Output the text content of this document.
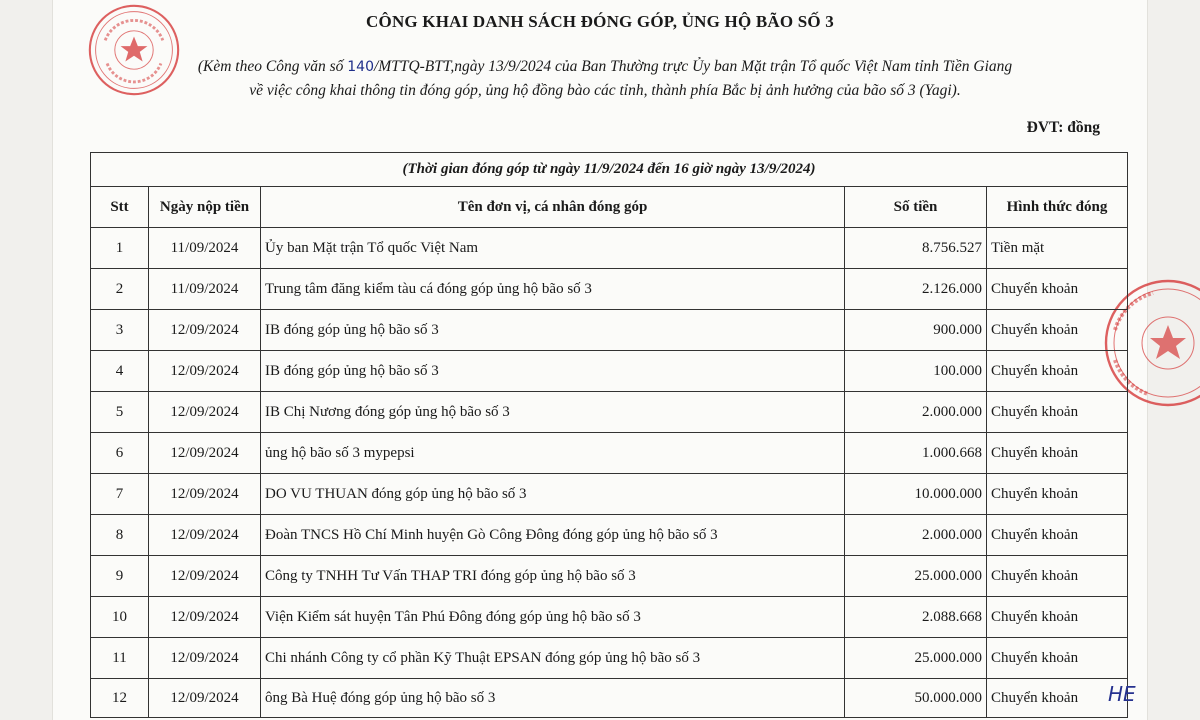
CÔNG KHAI DANH SÁCH ĐÓNG GÓP, ỦNG HỘ BÃO SỐ 3
(Kèm theo Công văn số 140/MTTQ-BTT,ngày 13/9/2024 của Ban Thường trực Ủy ban Mặt trận Tổ quốc Việt Nam tỉnh Tiền Giang
về việc công khai thông tin đóng góp, ủng hộ đồng bào các tỉnh, thành phía Bắc bị ảnh hưởng của bão số 3 (Yagi).
ĐVT: đồng
(Thời gian đóng góp từ ngày 11/9/2024 đến 16 giờ ngày 13/9/2024)				
Stt	Ngày nộp tiền	Tên đơn vị, cá nhân đóng góp	Số tiền	Hình thức đóng
1	11/09/2024	Ủy ban Mặt trận Tổ quốc Việt Nam	8.756.527	Tiền mặt
2	11/09/2024	Trung tâm đăng kiểm tàu cá đóng góp ủng hộ bão số 3	2.126.000	Chuyển khoản
3	12/09/2024	IB đóng góp ủng hộ bão số 3	900.000	Chuyển khoản
4	12/09/2024	IB đóng góp ủng hộ bão số 3	100.000	Chuyển khoản
5	12/09/2024	IB Chị Nương đóng góp ủng hộ bão số 3	2.000.000	Chuyển khoản
6	12/09/2024	ủng hộ bão số 3 mypepsi	1.000.668	Chuyển khoản
7	12/09/2024	DO VU THUAN đóng góp ủng hộ bão số 3	10.000.000	Chuyển khoản
8	12/09/2024	Đoàn TNCS Hồ Chí Minh huyện Gò Công Đông đóng góp ủng hộ bão số 3	2.000.000	Chuyển khoản
9	12/09/2024	Công ty TNHH Tư Vấn THAP TRI đóng góp ủng hộ bão số 3	25.000.000	Chuyển khoản
10	12/09/2024	Viện Kiểm sát huyện Tân Phú Đông đóng góp ủng hộ bão số 3	2.088.668	Chuyển khoản
11	12/09/2024	Chi nhánh Công ty cổ phần Kỹ Thuật EPSAN đóng góp ủng hộ bão số 3	25.000.000	Chuyển khoản
12	12/09/2024	ông Bà Huệ đóng góp ủng hộ bão số 3	50.000.000	Chuyển khoản HE
